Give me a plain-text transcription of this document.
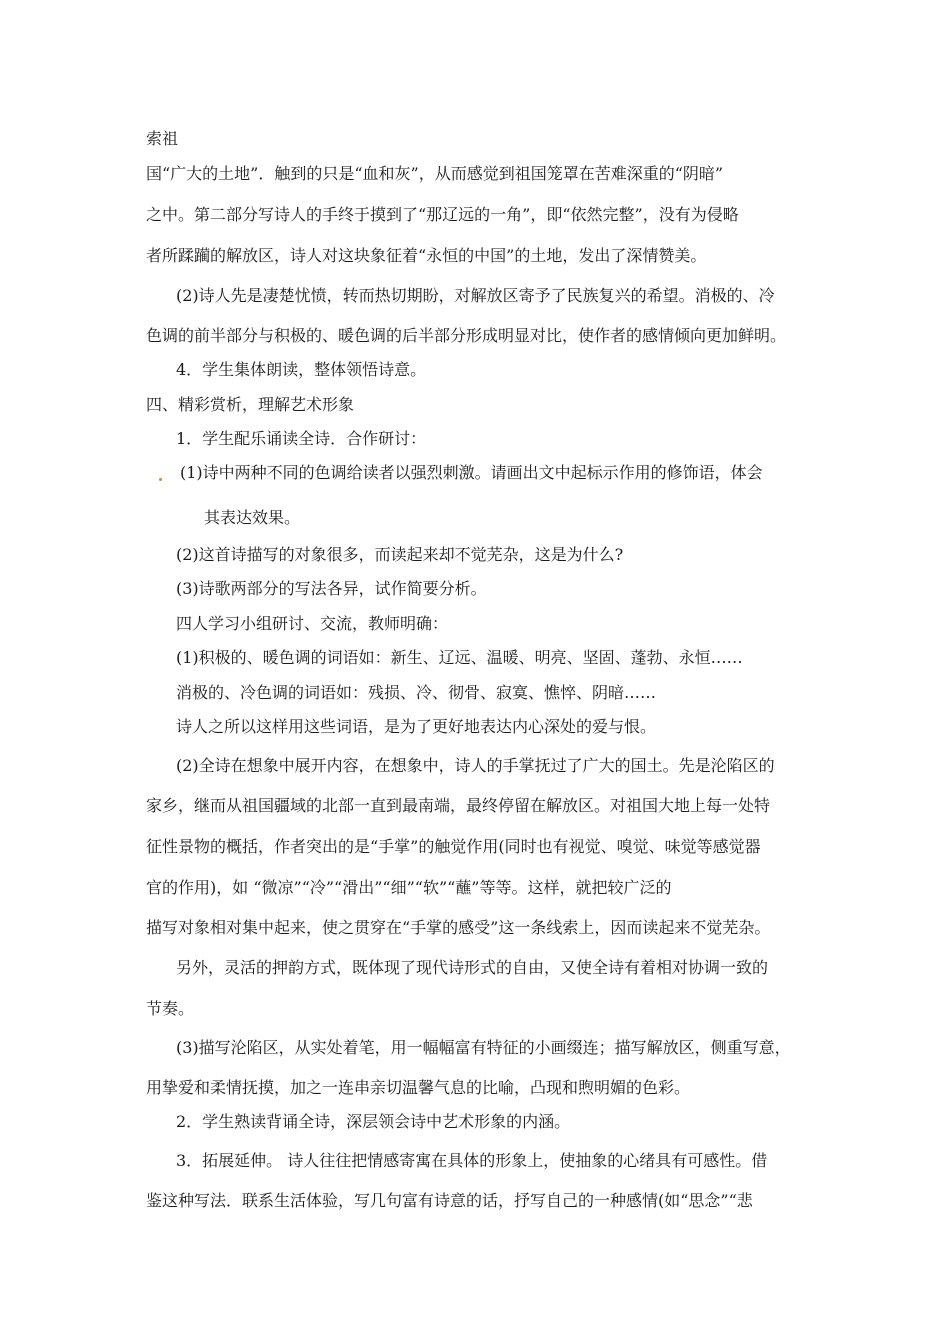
索祖
国“广大的土地”．触到的只是“血和灰”，从而感觉到祖国笼罩在苦难深重的“阴暗”
之中。第二部分写诗人的手终于摸到了“那辽远的一角”，即“依然完整”，没有为侵略
者所蹂躏的解放区，诗人对这块象征着“永恒的中国”的土地，发出了深情赞美。
(2)诗人先是凄楚忧愤，转而热切期盼，对解放区寄予了民族复兴的希望。消极的、冷
色调的前半部分与积极的、暖色调的后半部分形成明显对比，使作者的感情倾向更加鲜明。
4．学生集体朗读，整体领悟诗意。
四、精彩赏析，理解艺术形象
1．学生配乐诵读全诗．合作研讨：
(1)诗中两种不同的色调给读者以强烈刺激。请画出文中起标示作用的修饰语，体会
其表达效果。
(2)这首诗描写的对象很多，而读起来却不觉芜杂，这是为什么?
(3)诗歌两部分的写法各异，试作简要分析。
四人学习小组研讨、交流，教师明确：
(1)积极的、暖色调的词语如：新生、辽远、温暖、明亮、坚固、蓬勃、永恒……
消极的、冷色调的词语如：残损、冷、彻骨、寂寞、憔悴、阴暗……
诗人之所以这样用这些词语，是为了更好地表达内心深处的爱与恨。
(2)全诗在想象中展开内容，在想象中，诗人的手掌抚过了广大的国土。先是沦陷区的
家乡，继而从祖国疆域的北部一直到最南端，最终停留在解放区。对祖国大地上每一处特
征性景物的概括，作者突出的是“手掌”的触觉作用(同时也有视觉、嗅觉、味觉等感觉器
官的作用)，如 “微凉”“冷”“滑出”“细”“软”“蘸”等等。这样，就把较广泛的
描写对象相对集中起来，使之贯穿在“手掌的感受”这一条线索上，因而读起来不觉芜杂。
另外，灵活的押韵方式，既体现了现代诗形式的自由，又使全诗有着相对协调一致的
节奏。
(3)描写沦陷区，从实处着笔，用一幅幅富有特征的小画缀连；描写解放区，侧重写意，
用挚爱和柔情抚摸，加之一连串亲切温馨气息的比喻，凸现和煦明媚的色彩。
2．学生熟读背诵全诗，深层领会诗中艺术形象的内涵。
3．拓展延伸。 诗人往往把情感寄寓在具体的形象上，使抽象的心绪具有可感性。借
鉴这种写法．联系生活体验，写几句富有诗意的话，抒写自己的一种感情(如“思念”“悲
